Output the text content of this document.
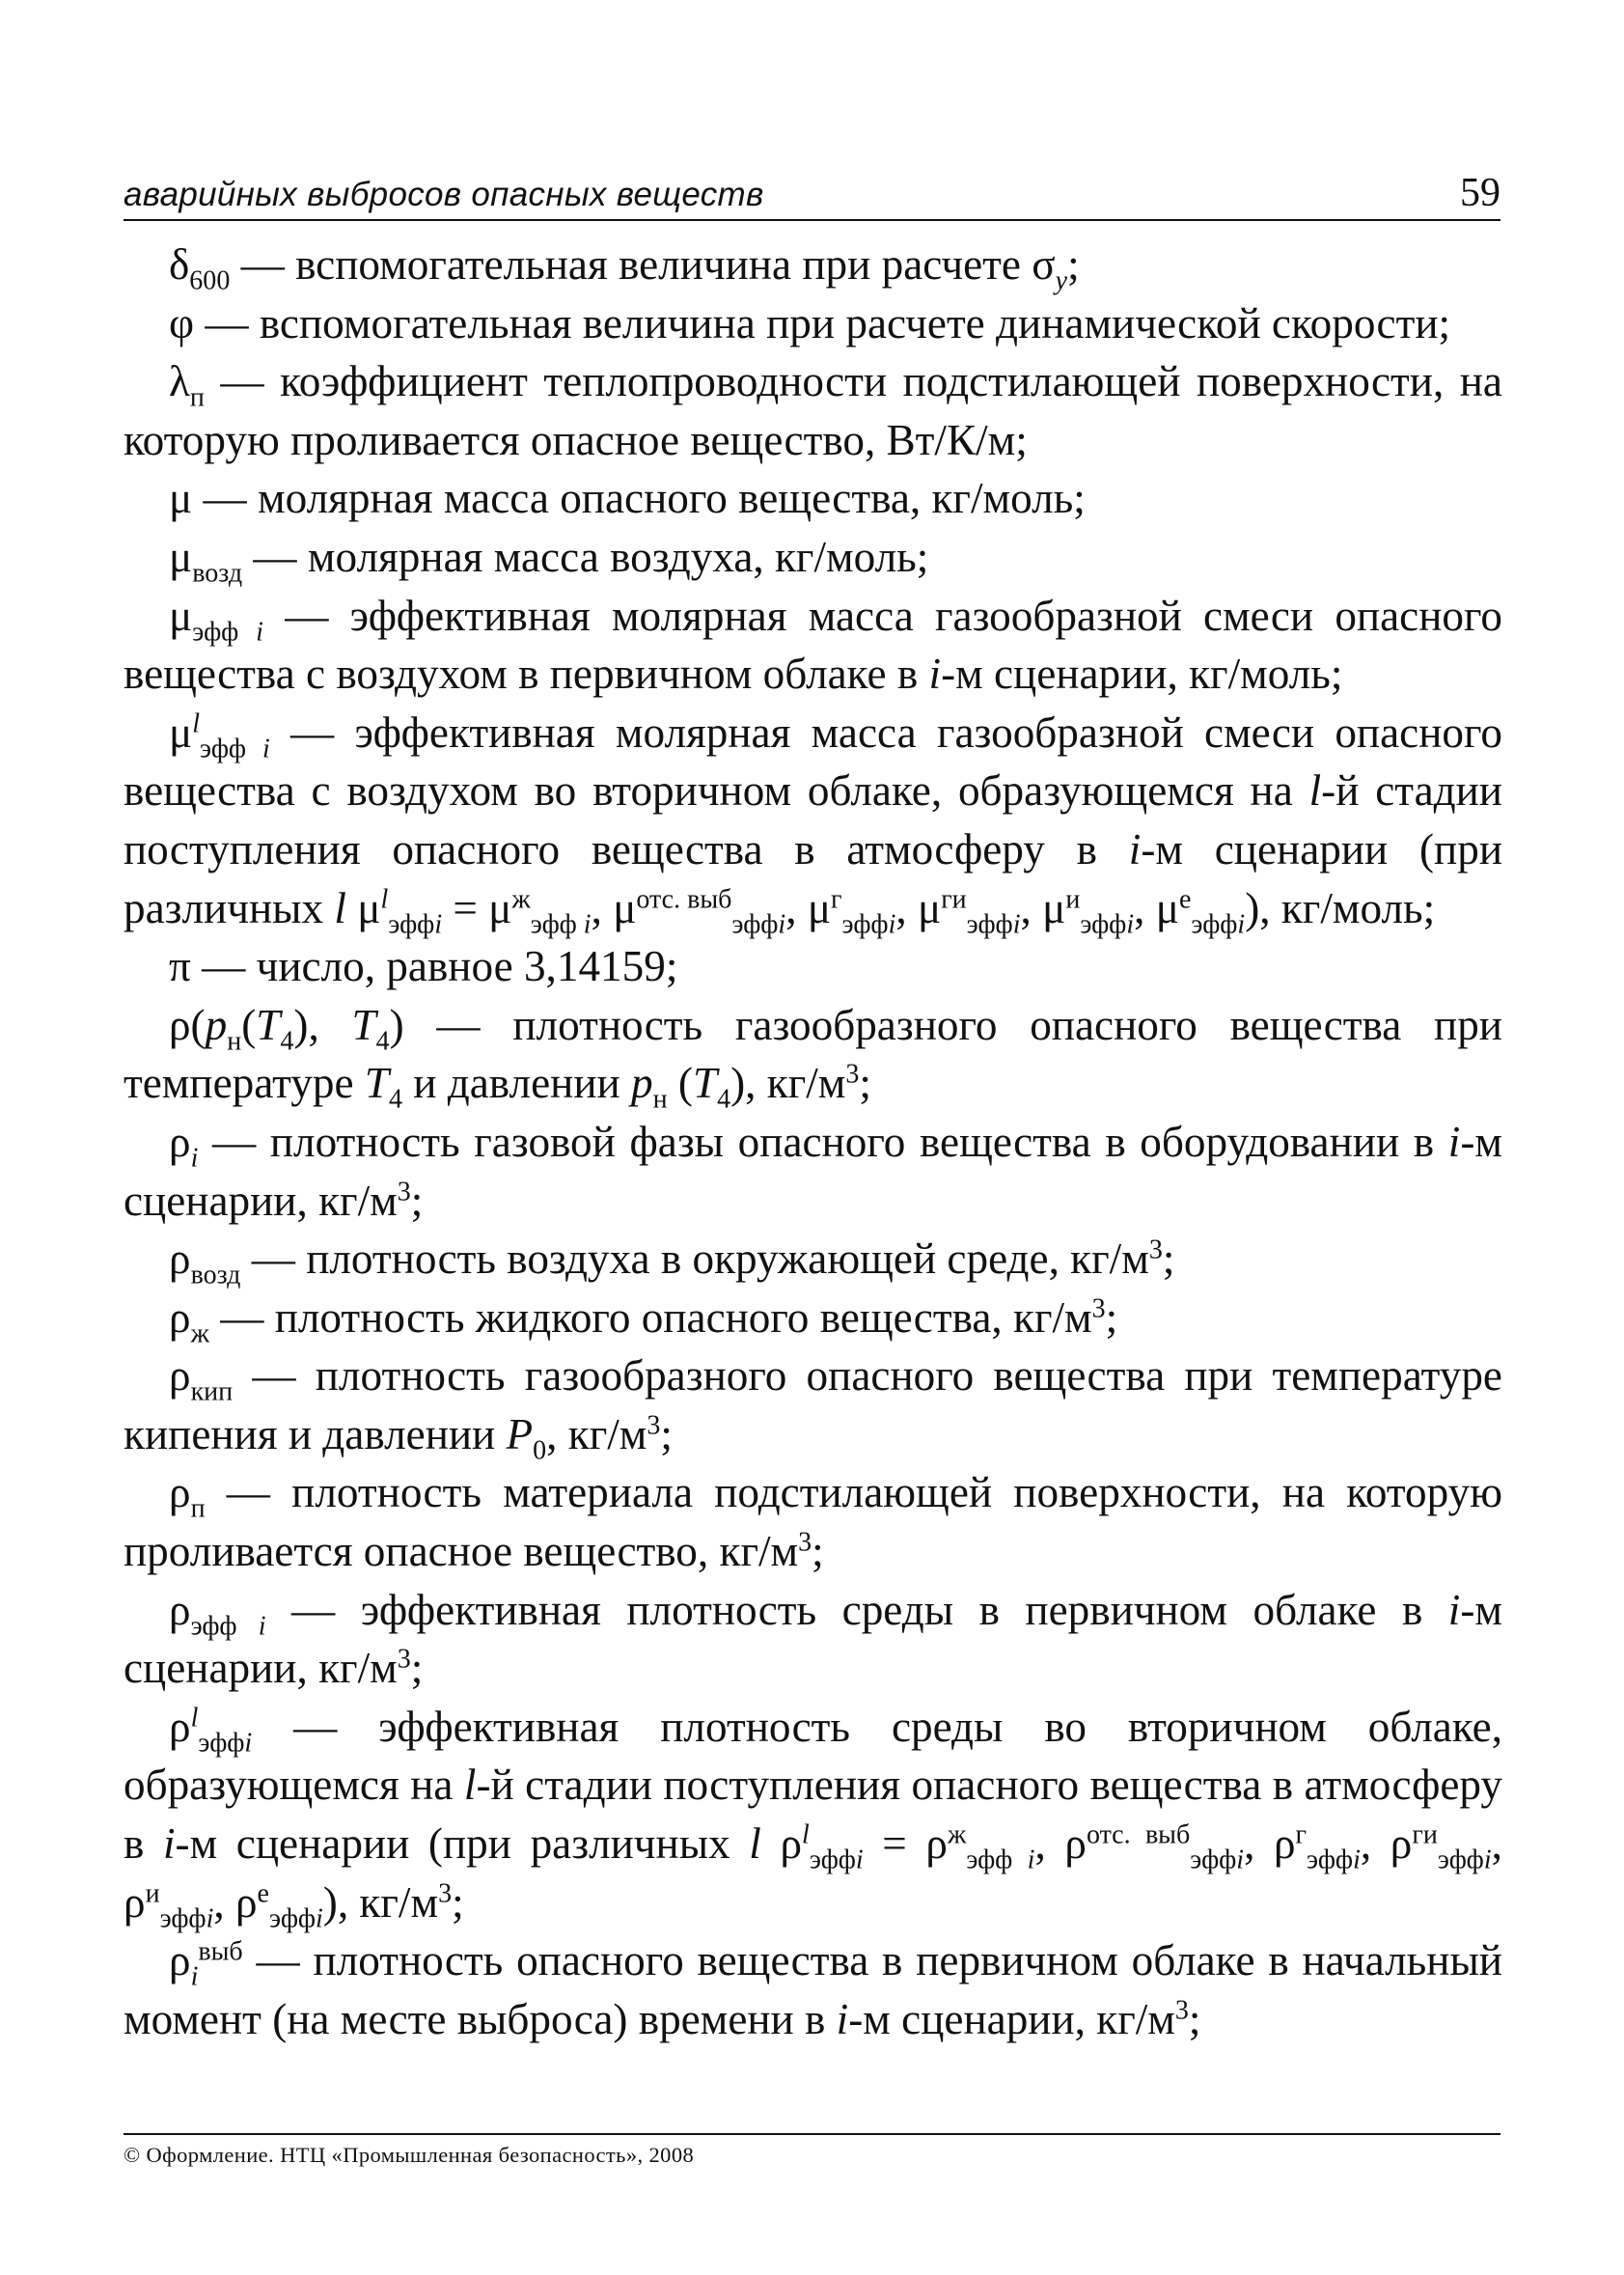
аварийных выбросов опасных веществ	59

$\delta_{600}$ — вспомогательная величина при расчете $\sigma_y$;

φ — вспомогательная величина при расчете динамической скорости;

$\lambda_п$ — коэффициент теплопроводности подстилающей поверхности, на которую проливается опасное вещество, Вт/К/м;

μ — молярная масса опасного вещества, кг/моль;

$\mu_{возд}$ — молярная масса воздуха, кг/моль;

$\mu_{эфф i}$ — эффективная молярная масса газообразной смеси опасного вещества с воздухом в первичном облаке в i-м сценарии, кг/моль;

$\mu^l_{эфф i}$ — эффективная молярная масса газообразной смеси опасного вещества с воздухом во вторичном облаке, образующемся на l-й стадии поступления опасного вещества в атмосферу в i-м сценарии (при различных l $\mu^l_{эффi} = \mu^ж_{эфф i}$, $\mu^{отс. выб}_{эффi}$, $\mu^г_{эффi}$, $\mu^{ги}_{эффi}$, $\mu^и_{эффi}$, $\mu^е_{эффi}$), кг/моль;

π — число, равное 3,14159;

$\rho(p_н(T_4)$, $T_4$) — плотность газообразного опасного вещества при температуре $T_4$ и давлении $p_н$ $(T_4)$, $кг/м^3$;

$\rho_i$ — плотность газовой фазы опасного вещества в оборудовании в i-м сценарии, $кг/м^3$;

$\rho_{возд}$ — плотность воздуха в окружающей среде, $кг/м^3$;

$\rho_ж$ — плотность жидкого опасного вещества, $кг/м^3$;

$\rho_{кип}$ — плотность газообразного опасного вещества при температуре кипения и давлении $P_0$, $кг/м^3$;

$\rho_п$ — плотность материала подстилающей поверхности, на которую проливается опасное вещество, $кг/м^3$;

$\rho_{эфф i}$ — эффективная плотность среды в первичном облаке в i-м сценарии, $кг/м^3$;

$\rho^l_{эффi}$ — эффективная плотность среды во вторичном облаке, образующемся на l-й стадии поступления опасного вещества в атмосферу в i-м сценарии (при различных l $\rho^l_{эффi} = \rho^ж_{эфф i}$, $\rho^{отс. выб}_{эффi}$, $\rho^г_{эффi}$, $\rho^{ги}_{эффi}$, $\rho^и_{эффi}$, $\rho^е_{эффi}$), $кг/м^3$;

$\rho_i^{выб}$ — плотность опасного вещества в первичном облаке в начальный момент (на месте выброса) времени в i-м сценарии, $кг/м^3$;

© Оформление. НТЦ «Промышленная безопасность», 2008
